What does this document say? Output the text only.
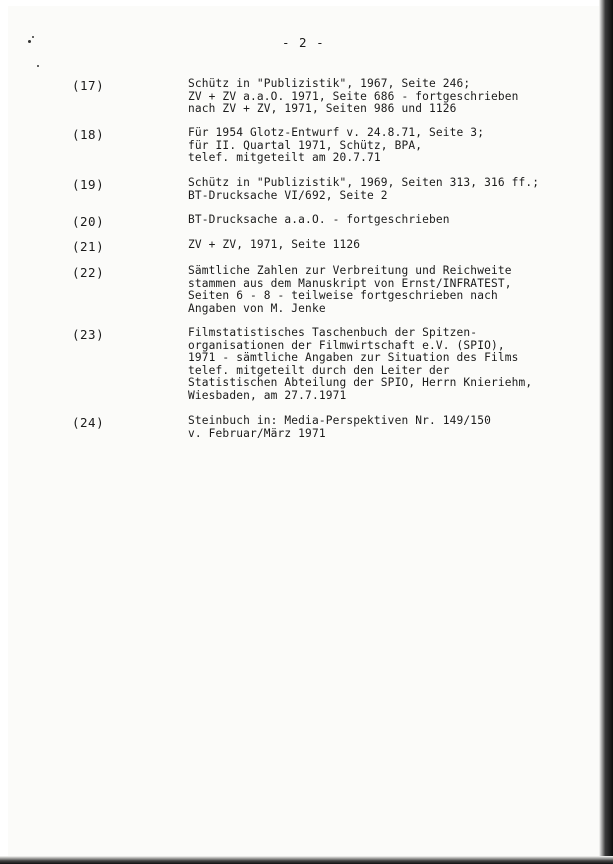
- 2 -
(17)	Schütz in "Publizistik", 1967, Seite 246;
ZV + ZV a.a.O. 1971, Seite 686 - fortgeschrieben
nach ZV + ZV, 1971, Seiten 986 und 1126
(18)	Für 1954 Glotz-Entwurf v. 24.8.71, Seite 3;
für II. Quartal 1971, Schütz, BPA,
telef. mitgeteilt am 20.7.71
(19)	Schütz in "Publizistik", 1969, Seiten 313, 316 ff.;
BT-Drucksache VI/692, Seite 2
(20)	BT-Drucksache a.a.O. - fortgeschrieben
(21)	ZV + ZV, 1971, Seite 1126
(22)	Sämtliche Zahlen zur Verbreitung und Reichweite
stammen aus dem Manuskript von Ernst/INFRATEST,
Seiten 6 - 8 - teilweise fortgeschrieben nach
Angaben von M. Jenke
(23)	Filmstatistisches Taschenbuch der Spitzen-
organisationen der Filmwirtschaft e.V. (SPIO),
1971 - sämtliche Angaben zur Situation des Films
telef. mitgeteilt durch den Leiter der
Statistischen Abteilung der SPIO, Herrn Knieriehm,
Wiesbaden, am 27.7.1971
(24)	Steinbuch in: Media-Perspektiven Nr. 149/150
v. Februar/März 1971
